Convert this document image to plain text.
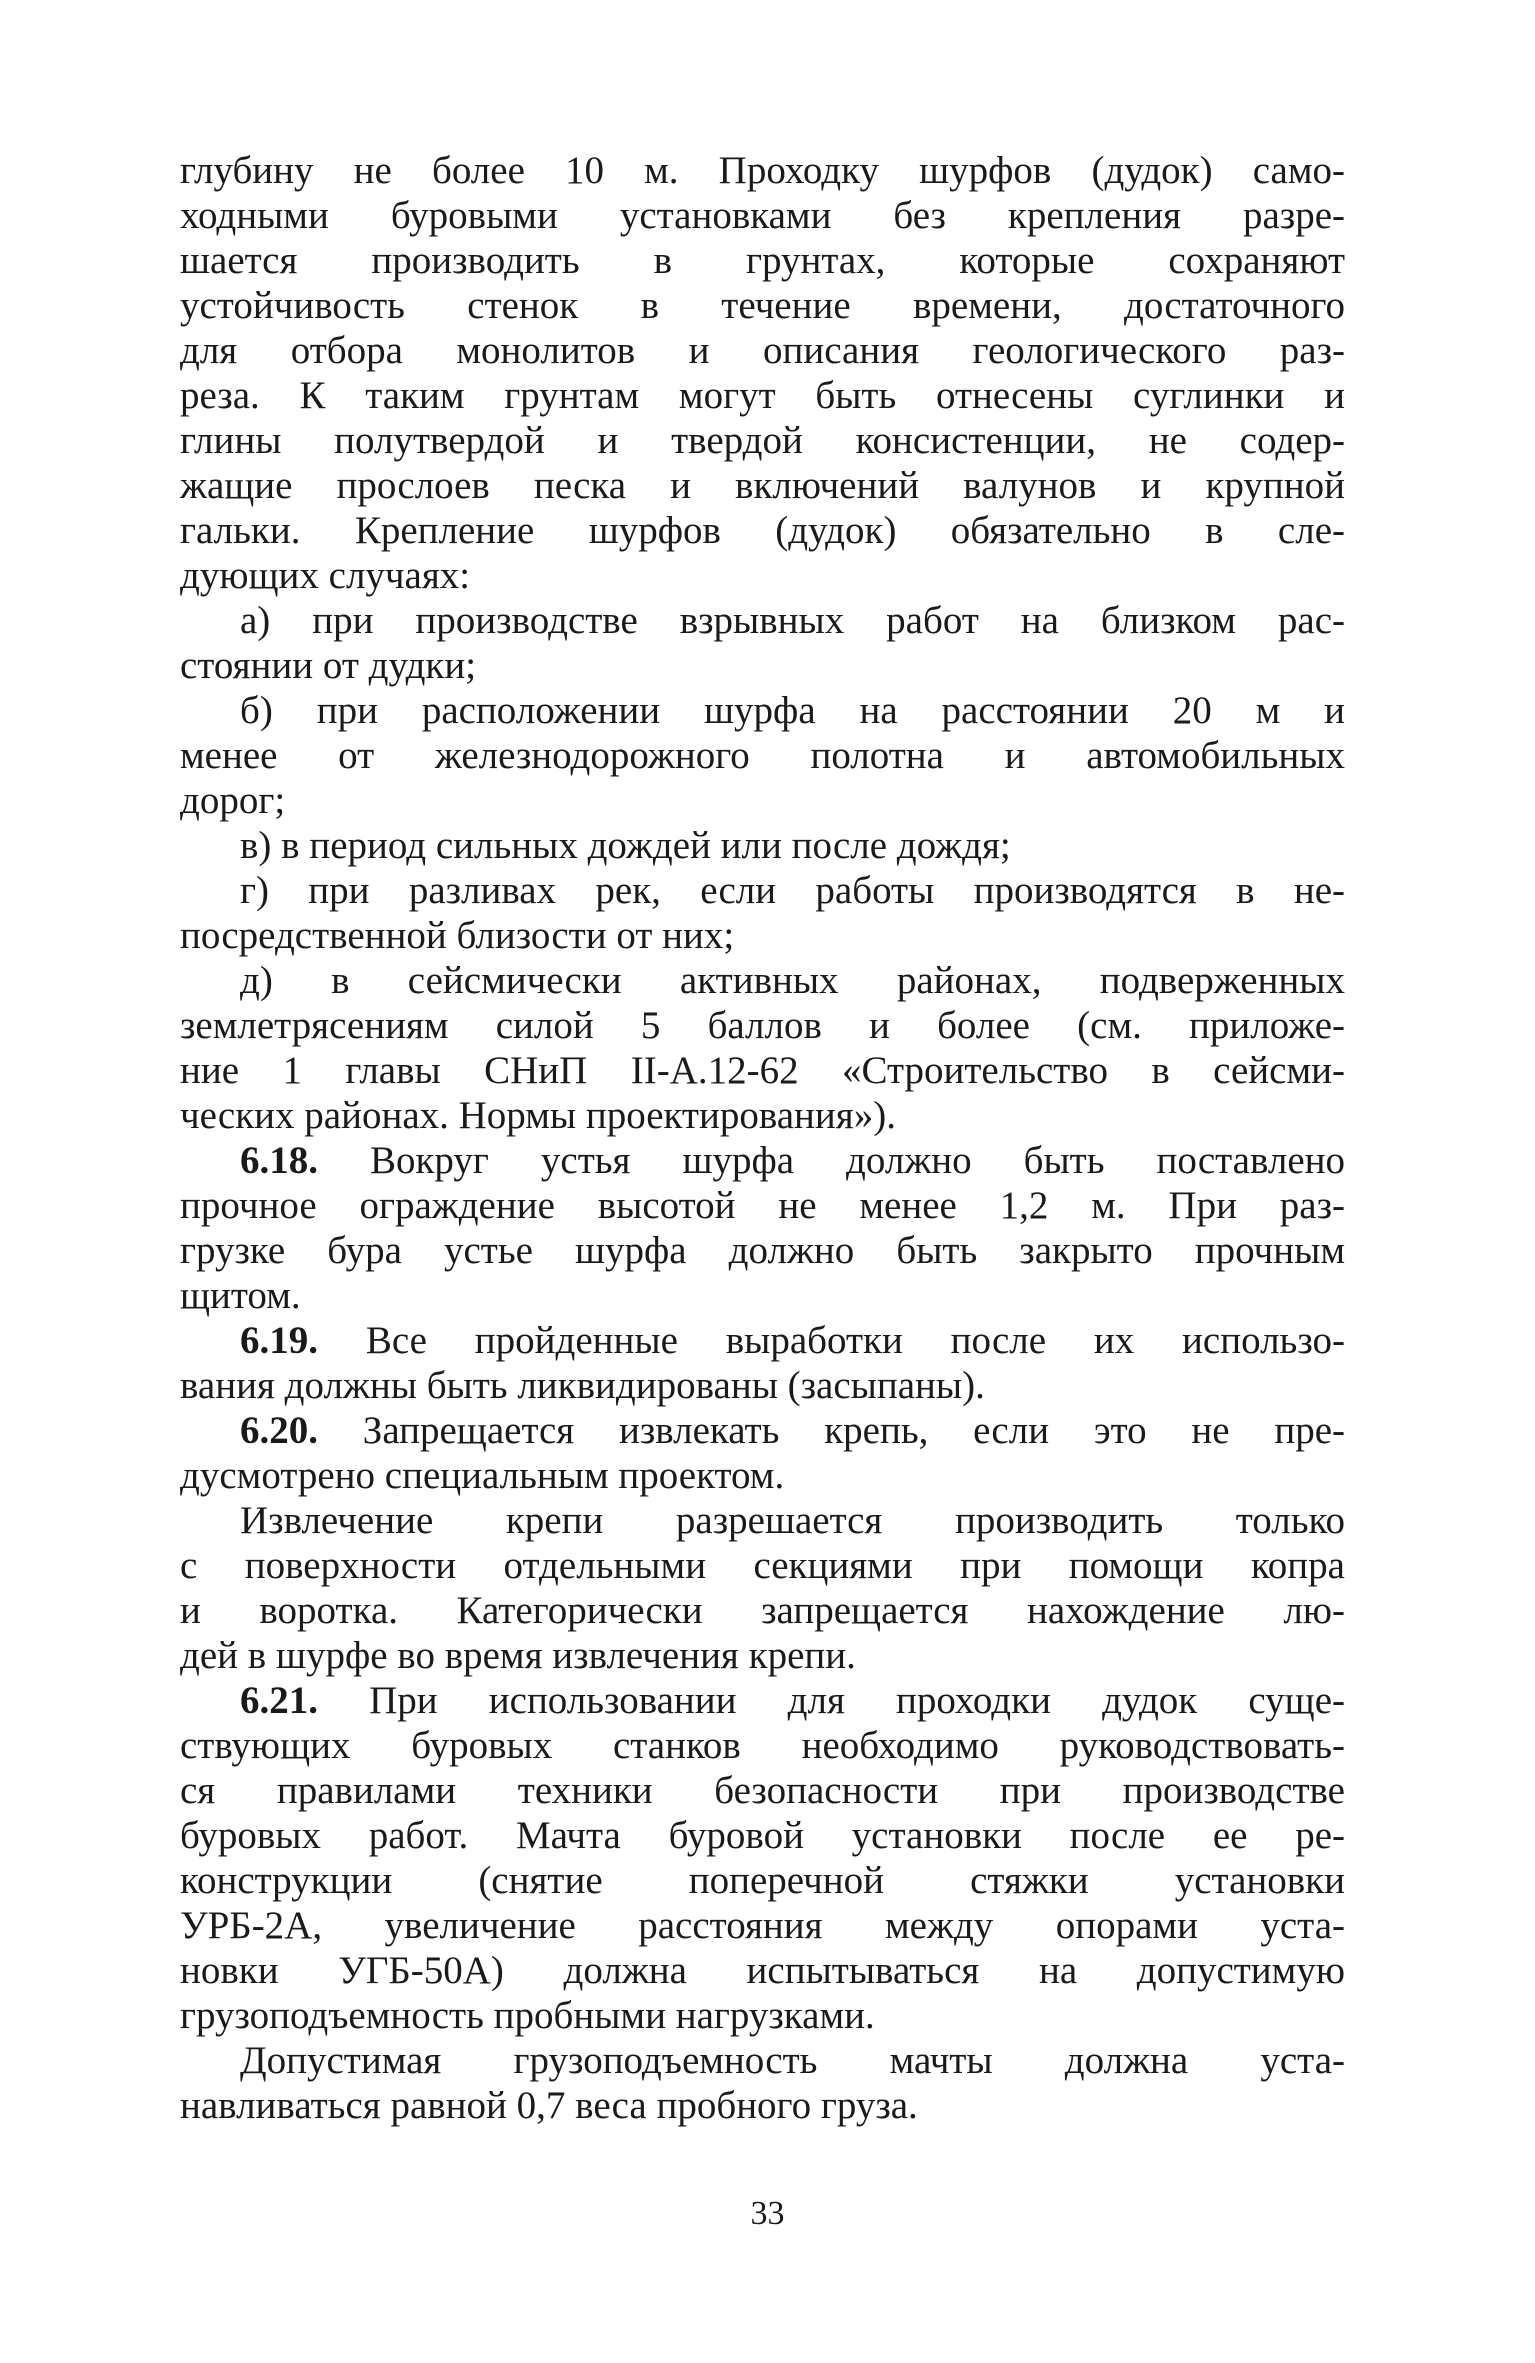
глубину не более 10 м. Проходку шурфов (дудок) само-
ходными буровыми установками без крепления разре-
шается производить в грунтах, которые сохраняют
устойчивость стенок в течение времени, достаточного
для отбора монолитов и описания геологического раз-
реза. К таким грунтам могут быть отнесены суглинки и
глины полутвердой и твердой консистенции, не содер-
жащие прослоев песка и включений валунов и крупной
гальки. Крепление шурфов (дудок) обязательно в сле-
дующих случаях:
а) при производстве взрывных работ на близком рас-
стоянии от дудки;
б) при расположении шурфа на расстоянии 20 м и
менее от железнодорожного полотна и автомобильных
дорог;
в) в период сильных дождей или после дождя;
г) при разливах рек, если работы производятся в не-
посредственной близости от них;
д) в сейсмически активных районах, подверженных
землетрясениям силой 5 баллов и более (см. приложе-
ние 1 главы СНиП II-А.12-62 «Строительство в сейсми-
ческих районах. Нормы проектирования»).
6.18. Вокруг устья шурфа должно быть поставлено
прочное ограждение высотой не менее 1,2 м. При раз-
грузке бура устье шурфа должно быть закрыто прочным
щитом.
6.19. Все пройденные выработки после их использо-
вания должны быть ликвидированы (засыпаны).
6.20. Запрещается извлекать крепь, если это не пре-
дусмотрено специальным проектом.
Извлечение крепи разрешается производить только
с поверхности отдельными секциями при помощи копра
и воротка. Категорически запрещается нахождение лю-
дей в шурфе во время извлечения крепи.
6.21. При использовании для проходки дудок суще-
ствующих буровых станков необходимо руководствовать-
ся правилами техники безопасности при производстве
буровых работ. Мачта буровой установки после ее ре-
конструкции (снятие поперечной стяжки установки
УРБ-2А, увеличение расстояния между опорами уста-
новки УГБ-50А) должна испытываться на допустимую
грузоподъемность пробными нагрузками.
Допустимая грузоподъемность мачты должна уста-
навливаться равной 0,7 веса пробного груза.
33
